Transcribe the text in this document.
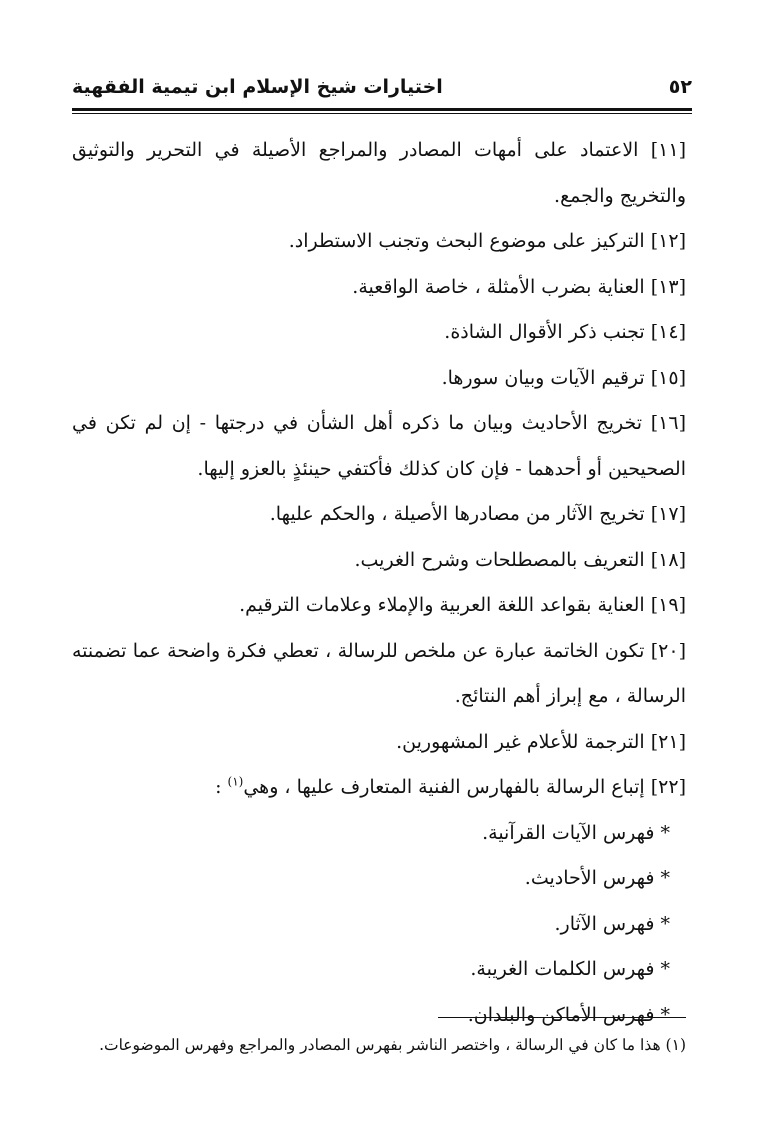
٥٢
اختيارات شيخ الإسلام ابن تيمية الفقهية
[١١] الاعتماد على أمهات المصادر والمراجع الأصيلة في التحرير والتوثيق والتخريج والجمع.
[١٢] التركيز على موضوع البحث وتجنب الاستطراد.
[١٣] العناية بضرب الأمثلة ، خاصة الواقعية.
[١٤] تجنب ذكر الأقوال الشاذة.
[١٥] ترقيم الآيات وبيان سورها.
[١٦] تخريج الأحاديث وبيان ما ذكره أهل الشأن في درجتها - إن لم تكن في الصحيحين أو أحدهما - فإن كان كذلك فأكتفي حينئذٍ بالعزو إليها.
[١٧] تخريج الآثار من مصادرها الأصيلة ، والحكم عليها.
[١٨] التعريف بالمصطلحات وشرح الغريب.
[١٩] العناية بقواعد اللغة العربية والإملاء وعلامات الترقيم.
[٢٠] تكون الخاتمة عبارة عن ملخص للرسالة ، تعطي فكرة واضحة عما تضمنته الرسالة ، مع إبراز أهم النتائج.
[٢١] الترجمة للأعلام غير المشهورين.
[٢٢] إتباع الرسالة بالفهارس الفنية المتعارف عليها ، وهي$^{(١)}$ :
* فهرس الآيات القرآنية.
* فهرس الأحاديث.
* فهرس الآثار.
* فهرس الكلمات الغريبة.
* فهرس الأماكن والبلدان.
(١) هذا ما كان في الرسالة ، واختصر الناشر بفهرس المصادر والمراجع وفهرس الموضوعات.
